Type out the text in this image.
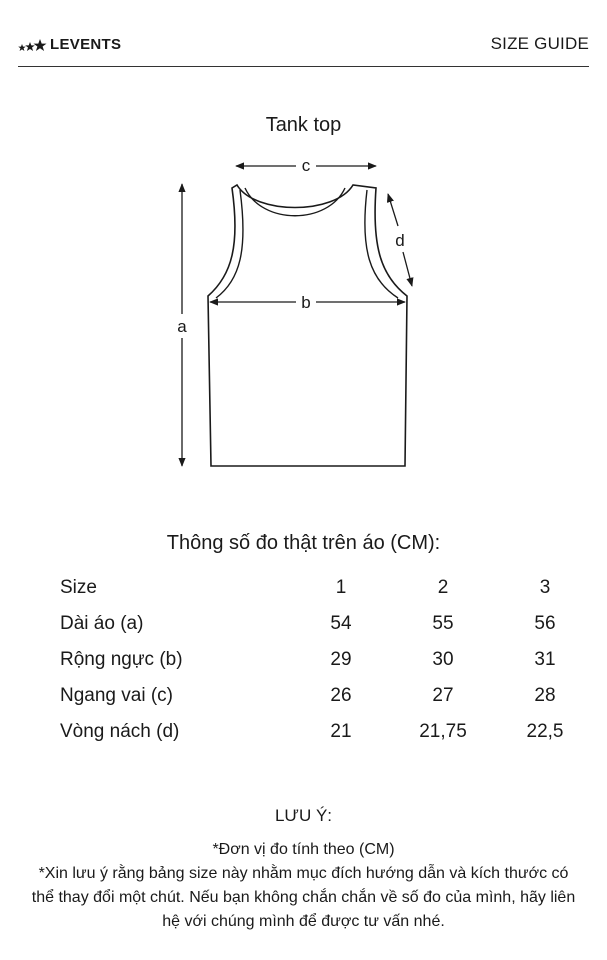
LEVENTS	SIZE GUIDE
Tank top
c
d
b
a
Thông số đo thật trên áo (CM):
Size	1	2	3
Dài áo (a)	54	55	56
Rộng ngực (b)	29	30	31
Ngang vai (c)	26	27	28
Vòng nách (d)	21	21,75	22,5
LƯU Ý:
*Đơn vị đo tính theo (CM)
*Xin lưu ý rằng bảng size này nhằm mục đích hướng dẫn và kích thước có thể thay đổi một chút. Nếu bạn không chắn chắn về số đo của mình, hãy liên hệ với chúng mình để được tư vấn nhé.
